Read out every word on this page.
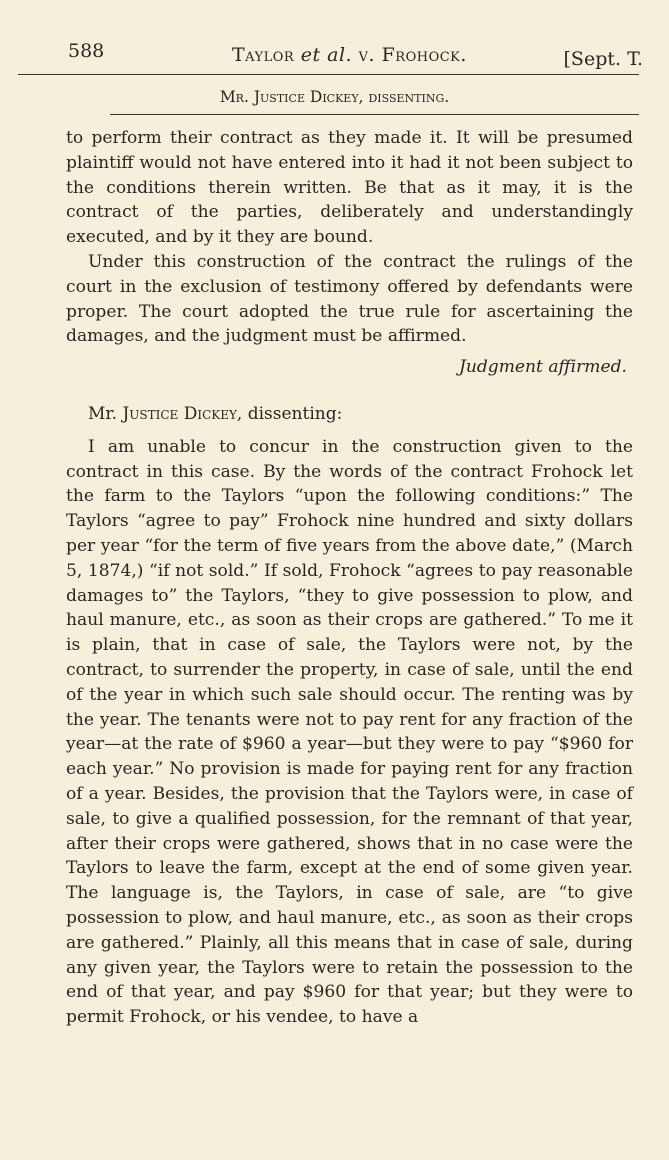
588	Taylor et al. v. Frohock.	[Sept. T.
Mr. Justice Dickey, dissenting.

to perform their contract as they made it. It will be presumed plaintiff would not have entered into it had it not been subject to the conditions therein written. Be that as it may, it is the contract of the parties, deliberately and understandingly executed, and by it they are bound.

Under this construction of the contract the rulings of the court in the exclusion of testimony offered by defendants were proper. The court adopted the true rule for ascertaining the damages, and the judgment must be affirmed.

Judgment affirmed.

Mr. Justice Dickey, dissenting:

I am unable to concur in the construction given to the contract in this case. By the words of the contract Frohock let the farm to the Taylors “upon the following conditions:” The Taylors “agree to pay” Frohock nine hundred and sixty dollars per year “for the term of five years from the above date,” (March 5, 1874,) “if not sold.” If sold, Frohock “agrees to pay reasonable damages to” the Taylors, “they to give possession to plow, and haul manure, etc., as soon as their crops are gathered.” To me it is plain, that in case of sale, the Taylors were not, by the contract, to surrender the property, in case of sale, until the end of the year in which such sale should occur. The renting was by the year. The tenants were not to pay rent for any fraction of the year—at the rate of $960 a year—but they were to pay “$960 for each year.” No provision is made for paying rent for any fraction of a year. Besides, the provision that the Taylors were, in case of sale, to give a qualified possession, for the remnant of that year, after their crops were gathered, shows that in no case were the Taylors to leave the farm, except at the end of some given year. The language is, the Taylors, in case of sale, are “to give possession to plow, and haul manure, etc., as soon as their crops are gathered.” Plainly, all this means that in case of sale, during any given year, the Taylors were to retain the possession to the end of that year, and pay $960 for that year; but they were to permit Frohock, or his vendee, to have a
